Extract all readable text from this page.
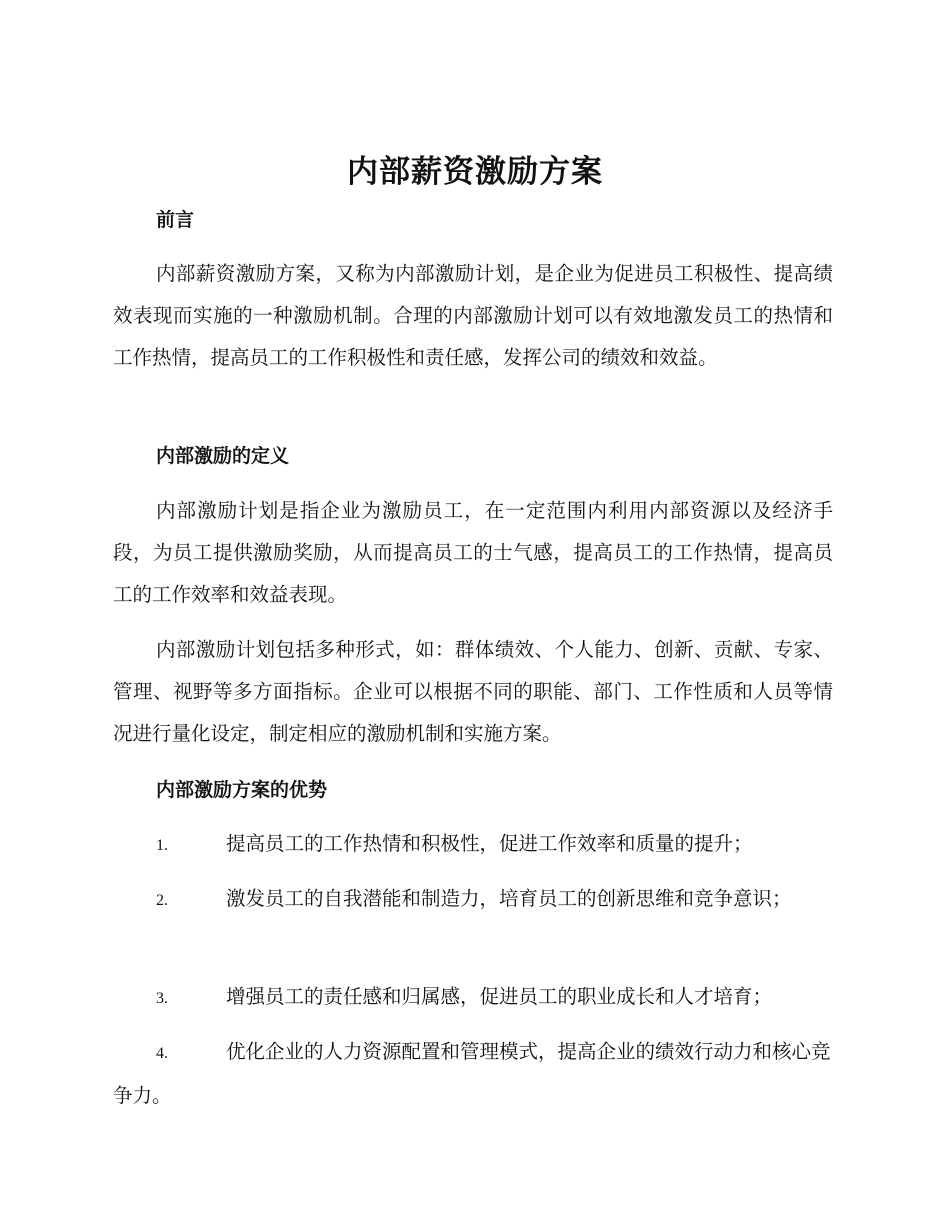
内部薪资激励方案
前言

内部薪资激励方案，又称为内部激励计划，是企业为促进员工积极性、提高绩效表现而实施的一种激励机制。合理的内部激励计划可以有效地激发员工的热情和工作热情，提高员工的工作积极性和责任感，发挥公司的绩效和效益。

内部激励的定义

内部激励计划是指企业为激励员工，在一定范围内利用内部资源以及经济手段，为员工提供激励奖励，从而提高员工的士气感，提高员工的工作热情，提高员工的工作效率和效益表现。

内部激励计划包括多种形式，如：群体绩效、个人能力、创新、贡献、专家、管理、视野等多方面指标。企业可以根据不同的职能、部门、工作性质和人员等情况进行量化设定，制定相应的激励机制和实施方案。

内部激励方案的优势

1.	提高员工的工作热情和积极性，促进工作效率和质量的提升；

2.	激发员工的自我潜能和制造力，培育员工的创新思维和竞争意识；

3.	增强员工的责任感和归属感，促进员工的职业成长和人才培育；

4.	优化企业的人力资源配置和管理模式，提高企业的绩效行动力和核心竞争力。
